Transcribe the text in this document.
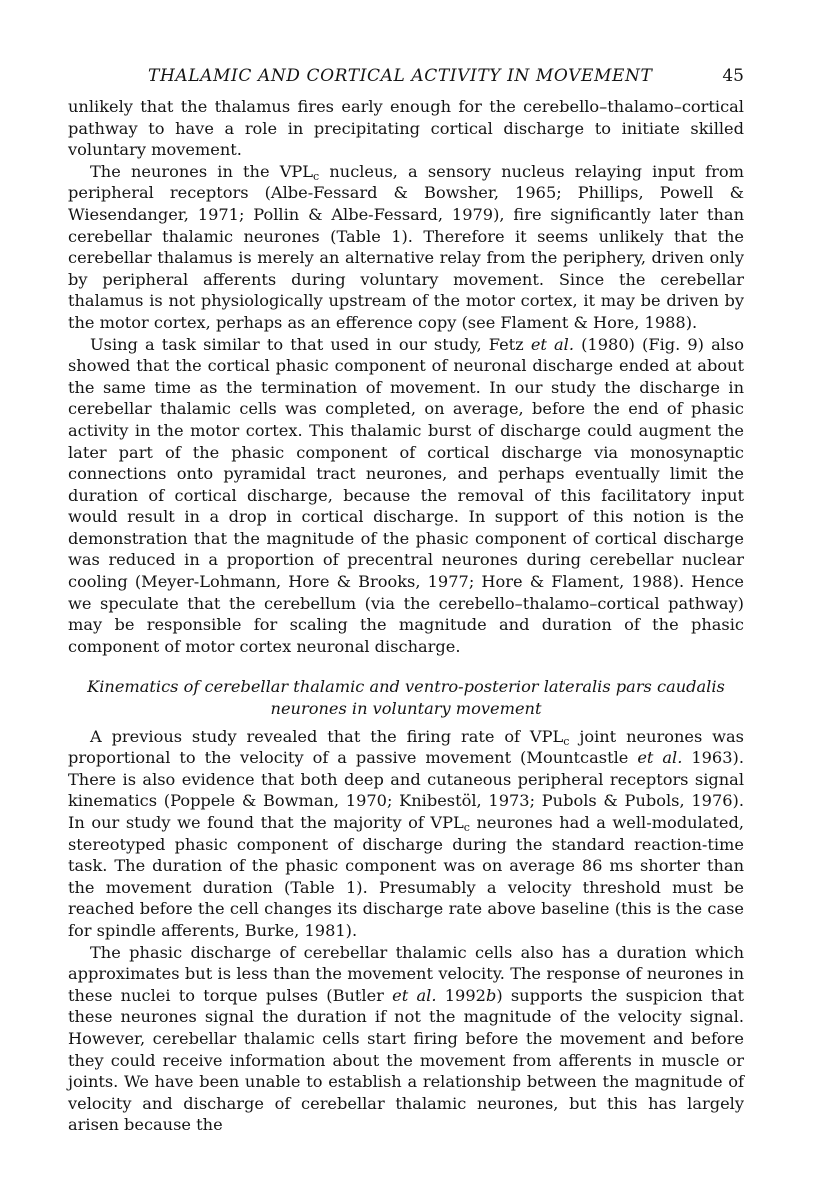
THALAMIC AND CORTICAL ACTIVITY IN MOVEMENT	45

unlikely that the thalamus fires early enough for the cerebello–thalamo–cortical pathway to have a role in precipitating cortical discharge to initiate skilled voluntary movement.

The neurones in the $VPL_c$ nucleus, a sensory nucleus relaying input from peripheral receptors (Albe-Fessard & Bowsher, 1965; Phillips, Powell & Wiesendanger, 1971; Pollin & Albe-Fessard, 1979), fire significantly later than cerebellar thalamic neurones (Table 1). Therefore it seems unlikely that the cerebellar thalamus is merely an alternative relay from the periphery, driven only by peripheral afferents during voluntary movement. Since the cerebellar thalamus is not physiologically upstream of the motor cortex, it may be driven by the motor cortex, perhaps as an efference copy (see Flament & Hore, 1988).

Using a task similar to that used in our study, Fetz et al. (1980) (Fig. 9) also showed that the cortical phasic component of neuronal discharge ended at about the same time as the termination of movement. In our study the discharge in cerebellar thalamic cells was completed, on average, before the end of phasic activity in the motor cortex. This thalamic burst of discharge could augment the later part of the phasic component of cortical discharge via monosynaptic connections onto pyramidal tract neurones, and perhaps eventually limit the duration of cortical discharge, because the removal of this facilitatory input would result in a drop in cortical discharge. In support of this notion is the demonstration that the magnitude of the phasic component of cortical discharge was reduced in a proportion of precentral neurones during cerebellar nuclear cooling (Meyer-Lohmann, Hore & Brooks, 1977; Hore & Flament, 1988). Hence we speculate that the cerebellum (via the cerebello–thalamo–cortical pathway) may be responsible for scaling the magnitude and duration of the phasic component of motor cortex neuronal discharge.

Kinematics of cerebellar thalamic and ventro-posterior lateralis pars caudalis
neurones in voluntary movement

A previous study revealed that the firing rate of $VPL_c$ joint neurones was proportional to the velocity of a passive movement (Mountcastle et al. 1963). There is also evidence that both deep and cutaneous peripheral receptors signal kinematics (Poppele & Bowman, 1970; Knibestöl, 1973; Pubols & Pubols, 1976). In our study we found that the majority of $VPL_c$ neurones had a well-modulated, stereotyped phasic component of discharge during the standard reaction-time task. The duration of the phasic component was on average 86 ms shorter than the movement duration (Table 1). Presumably a velocity threshold must be reached before the cell changes its discharge rate above baseline (this is the case for spindle afferents, Burke, 1981).

The phasic discharge of cerebellar thalamic cells also has a duration which approximates but is less than the movement velocity. The response of neurones in these nuclei to torque pulses (Butler et al. 1992b) supports the suspicion that these neurones signal the duration if not the magnitude of the velocity signal. However, cerebellar thalamic cells start firing before the movement and before they could receive information about the movement from afferents in muscle or joints. We have been unable to establish a relationship between the magnitude of velocity and discharge of cerebellar thalamic neurones, but this has largely arisen because the
